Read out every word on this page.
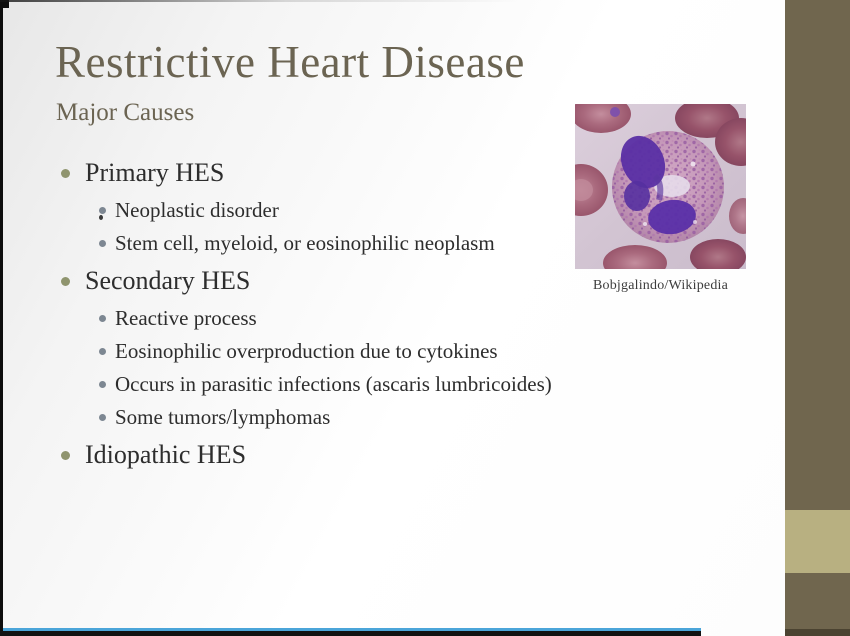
Restrictive Heart Disease
Major Causes
Primary HES
Neoplastic disorder
Stem cell, myeloid, or eosinophilic neoplasm
Secondary HES
Reactive process
Eosinophilic overproduction due to cytokines
Occurs in parasitic infections (ascaris lumbricoides)
Some tumors/lymphomas
Idiopathic HES
Bobjgalindo/Wikipedia
